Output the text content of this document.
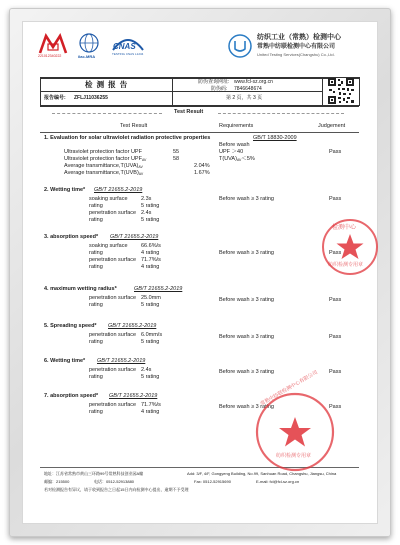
221012340222	ilac-MRA
CNAS
TESTING CNAS L1234
纺织工业（常熟）检测中心
常熟中纺联检测中心有限公司
United Testing Services(Changshu) Co.,Ltd.
检 测 报 告	防伪查询网址: www.fcl-sz.org.cn
防伪码: 7846648674
报告编号: ZFLJ11036255	第 2 页，共 3 页
Test Result
Test Result	Requirements	Judgement
1. Evaluation for solar ultraviolet radiation protective properties	GB/T 18830-2009
Before wash
Ultraviolet protection factor UPF	55	UPF ＞40	Pass
Ultraviolet protection factor $UPF_{AV}$	58	$T(UVA)_{AV}<5\%$
Average $transmittance,T(UVA)_{AV}$	2.04%
Average $transmittance,T(UVB)_{AV}$	1.67%
2. Wetting time* GB/T 21655.2-2019
soaking surface 2.3s
rating	5 rating
Before wash ≥ 3 rating	Pass
penetration surface 2.4s
rating	5 rating
3. absorption speed* GB/T 21655.2-2019
soaking surface 66.6%/s
rating	4 rating	Before wash ≥ 3 rating	Pass
penetration surface 71.7%/s
rating	4 rating
4. maximum wetting radius*	GB/T 21655.2-2019
penetration surface 25.0mm	Before wash ≥ 3 rating	Pass
rating	5 rating
5. Spreading speed* GB/T 21655.2-2019
penetration surface 6.0mm/s	Before wash ≥ 3 rating	Pass
rating	5 rating
6. Wetting time* GB/T 21655.2-2019
penetration surface 2.4s	Before wash ≥ 3 rating	Pass
rating	5 rating
7. absorption speed* GB/T 21655.2-2019
penetration surface 71.7%/s	Before wash ≥ 3 rating	Pass
rating	4 rating
地址：江苏省常熟市黄山三环路99号常熟科技创业园A幢	Add: 3/F, 4/F, Gongyeng Building, No.99, Sanhuan Road, Changshu, Jiangsu, China
邮编：215500	电话：0512-52913880	Fax: 0512-52915690	E-mail: fcl@fcl-sz.org.cn
若对检测报告有异议，请于收到报告之日起15日内向检测中心提出，逾期不予受理
检测中心
纺织检测专用章
常熟中纺联检测中心有限公司
纺织检测专用章
